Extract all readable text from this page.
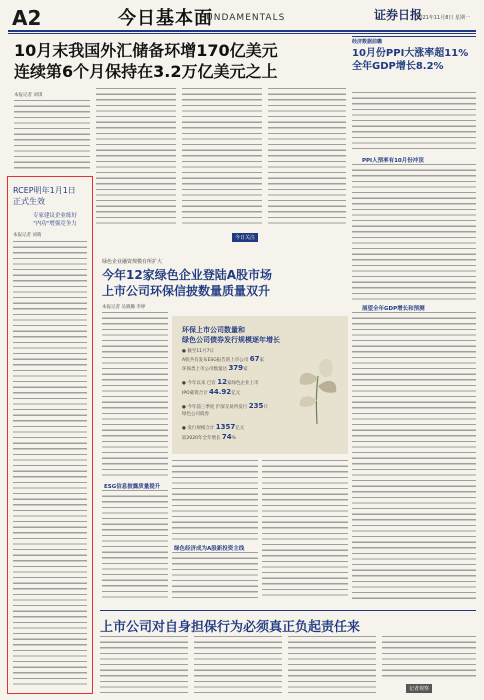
A2	今日基本面
FUNDAMENTALS	证券日报
2021年11月8日 星期一
10月末我国外汇储备环增170亿美元
连续第6个月保持在3.2万亿美元之上
本报记者 刘琪
经济数据前瞻
10月份PPI大涨率超11%
全年GDP增长8.2%
PPI人预率有10月份冲顶
展望全年GDP增长和预测
RCEP明年1月1日
正式生效
专家建议企业练好
"内功"增强竞争力
本报记者 刘萌	今日关注
绿色企业融资规模有所扩大
今年12家绿色企业登陆A股市场
上市公司环保信披数量质量双升
本报记者 吴晓璐 李婷
环保上市公司数量和
绿色公司债券发行规模逐年增长
● 截至11月7日
A股共有发布ESG报告的上市公司 67家
环保类上市公司数量达 379家
● 今年以来 已有 12家绿色企业上市
IPO募资合计 44.92亿元
● 今年前三季度 沪深交易所发行 235只
绿色公司债券
● 发行规模合计 1357亿元
较2020年全年增长 74%
ESG信息披露质量提升
绿色经济成为A股新投资主线
上市公司对自身担保行为必须真正负起责任来
记者观察
